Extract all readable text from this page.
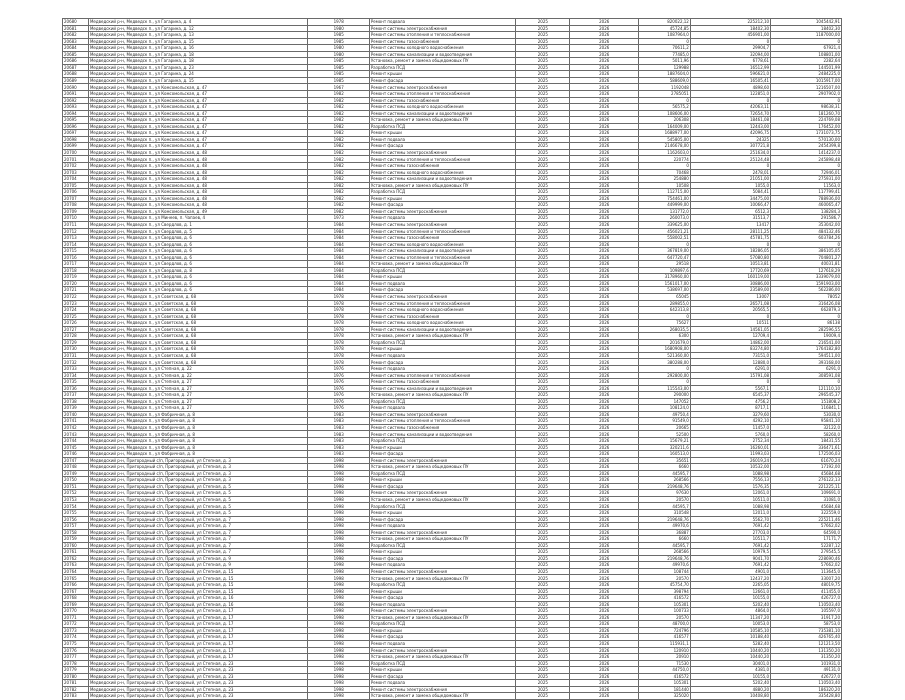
20680	Медведский р-н, Медведск п., ул Гагарина, д. 4	1978	Ремонт подвала	2025	2026	820022,12	225212,10	1045442,91
20681	Медведский р-н, Медведск п., ул Гагарина, д. 12	1980	Ремонт системы электроснабжения	2025	2026	45724,85	18402,30	18402,30
20682	Медведский р-н, Медведск п., ул Гагарина, д. 13	1985	Ремонт системы отопления и теплоснабжения	2025	2026	1087964,0	456901,00	1187000,00
20683	Медведский р-н, Медведск п., ул Гагарина, д. 15	1985	Ремонт системы газоснабжения	2025	2026	0	0	0
20684	Медведский р-н, Медведск п., ул Гагарина, д. 16	1980	Ремонт системы холодного водоснабжения	2025	2026	70611,2	29904,7	67921,4
20685	Медведский р-н, Медведск п., ул Гагарина, д. 18	1980	Ремонт системы канализации и водоотведения	2025	2026	77485,0	32094,00	108801,00
20686	Медведский р-н, Медведск п., ул Гагарина, д. 18	1985	Установка, ремонт и замена общедомовых ПУ	2025	2026	5011,96	6778,61	2282,64
20687	Медведский р-н, Медведск п., ул Гагарина, д. 23	1985	Разработка ПСД	2025	2026	129988	16512,99	144501,99
20688	Медведский р-н, Медведск п., ул Гагарина, д. 24	1985	Ремонт крыши	2025	2026	1887604,0	596621,0	2484225,0
20689	Медведский р-н, Медведск п., ул Гагарина, д. 15	1985	Ремонт фасада	2025	2026	588609,0	16505,41	1015917,00
20690	Медведский р-н, Медведск п., ул Комсомольская, д. 47	1967	Ремонт системы электроснабжения	2025	2026	1192048	4898,60	1216507,00
20691	Медведский р-н, Медведск п., ул Комсомольская, д. 47	1982	Ремонт системы отопления и теплоснабжения	2025	2026	2785051	122851,0	2907902,0
20692	Медведский р-н, Медведск п., ул Комсомольская, д. 47	1982	Ремонт системы газоснабжения	2025	2026	0	0	0
20693	Медведский р-н, Медведск п., ул Комсомольская, д. 47	1982	Ремонт системы холодного водоснабжения	2025	2026	56575,2	42063,11	98638,31
20694	Медведский р-н, Медведск п., ул Комсомольская, д. 47	1982	Ремонт системы канализации и водоотведения	2025	2026	108606,00	72654,70	181260,70
20695	Медведский р-н, Медведск п., ул Комсомольская, д. 47	1982	Установка, ремонт и замена общедомовых ПУ	2025	2026	206308	18461,08	224769,08
20696	Медведский р-н, Медведск п., ул Комсомольская, д. 47	1982	Разработка ПСД	2025	2026	164009,00	12443,00	176452,00
20697	Медведский р-н, Медведск п., ул Комсомольская, д. 47	1982	Ремонт крыши	2025	2026	1688977,00	42096,75	1731073,75
20698	Медведский р-н, Медведск п., ул Комсомольская, д. 47	1982	Ремонт подвала	2025	2026	545805,00	24325	570130,00
20699	Медведский р-н, Медведск п., ул Комсомольская, д. 47	1982	Ремонт фасада	2025	2026	2146678,00	307721,8	2454399,8
20700	Медведский р-н, Медведск п., ул Комсомольская, д. 48	1982	Ремонт системы электроснабжения	2025	2026	1162603,0	251634,0	1414237,0
20701	Медведский р-н, Медведск п., ул Комсомольская, д. 48	1982	Ремонт системы отопления и теплоснабжения	2025	2026	220774	25124,48	245898,48
20702	Медведский р-н, Медведск п., ул Комсомольская, д. 48	1982	Ремонт системы газоснабжения	2025	2026	0	0	0
20703	Медведский р-н, Медведск п., ул Комсомольская, д. 48	1982	Ремонт системы холодного водоснабжения	2025	2026	70468	2478,01	72946,01
20704	Медведский р-н, Медведск п., ул Комсомольская, д. 48	1982	Ремонт системы канализации и водоотведения	2025	2026	254880	21051,00	275931,00
20705	Медведский р-н, Медведск п., ул Комсомольская, д. 48	1982	Установка, ремонт и замена общедомовых ПУ	2025	2026	10508	1055,0	11563,0
20706	Медведский р-н, Медведск п., ул Комсомольская, д. 48	1982	Разработка ПСД	2025	2026	112715,00	5084,41	117799,41
20707	Медведский р-н, Медведск п., ул Комсомольская, д. 48	1982	Ремонт крыши	2025	2026	754461,00	34475,00	788936,00
20708	Медведский р-н, Медведск п., ул Комсомольская, д. 48	1982	Ремонт фасада	2025	2026	449999,00	10066,47	460065,47
20709	Медведский р-н, Медведск п., ул Комсомольская, д. 49	1982	Ремонт системы электроснабжения	2025	2026	131772,0	6512,3	138284,3
20710	Медведский р-н, Медведск п., ул Минеев, п. Чапаев, 4	1973	Ремонт подвала	2025	2026	260073,0	31513,7	291586,7
20711	Медведский р-н, Медведск п., ул Свердлов, д. 1	1984	Ремонт системы электроснабжения	2025	2026	339625,00	13417	353042,00
20712	Медведский р-н, Медведск п., ул Свердлов, д. 5	1984	Ремонт системы отопления и теплоснабжения	2025	2026	456021,21	28111,25	484132,46
20713	Медведский р-н, Медведск п., ул Свердлов, д. 6	1984	Ремонт системы газоснабжения	2025	2026	558002,51	45781,75	603784,26
20714	Медведский р-н, Медведск п., ул Свердлов, д. 6	1984	Ремонт системы холодного водоснабжения	2025	2026	0	0	0
20715	Медведский р-н, Медведск п., ул Свердлов, д. 6	1984	Ремонт системы канализации и водоотведения	2025	2026	367819,00	18286,05	386105,05
20716	Медведский р-н, Медведск п., ул Свердлов, д. 6	1984	Ремонт системы отопления и теплоснабжения	2025	2026	647720,47	57080,80	704801,27
20717	Медведский р-н, Медведск п., ул Свердлов, д. 6	1984	Установка, ремонт и замена общедомовых ПУ	2025	2026	29518	10513,81	40031,81
20718	Медведский р-н, Медведск п., ул Свердлов, д. 8	1984	Разработка ПСД	2025	2026	109897,6	17720,69	127618,29
20719	Медведский р-н, Медведск п., ул Свердлов, д. 6	1984	Ремонт крыши	2025	2026	3178960,00	160119,00	3339079,00
20720	Медведский р-н, Медведск п., ул Свердлов, д. 6	1984	Ремонт подвала	2025	2026	1561017,00	30886,00	1591903,00
20721	Медведский р-н, Медведск п., ул Свердлов, д. 6	1984	Ремонт фасада	2025	2026	538697,00	23589,00	562286,00
20722	Медведский р-н, Медведск п., ул Советская, д. 68	1978	Ремонт системы электроснабжения	2025	2026	65045	13007	78052
20723	Медведский р-н, Медведск п., ул Советская, д. 68	1978	Ремонт системы отопления и теплоснабжения	2025	2026	289855,0	26571,08	316426,08
20724	Медведский р-н, Медведск п., ул Советская, д. 68	1978	Ремонт системы холодного водоснабжения	2025	2026	642313,8	20565,5	662879,3
20725	Медведский р-н, Медведск п., ул Советская, д. 68	1978	Ремонт системы газоснабжения	2025	2026	0	0	0
20726	Медведский р-н, Медведск п., ул Советская, д. 68	1978	Ремонт системы холодного водоснабжения	2025	2026	75627	10511	86138
20727	Медведский р-н, Медведск п., ул Советская, д. 68	1978	Ремонт системы канализации и водоотведения	2025	2026	268035,5	14561,05	282596,55
20728	Медведский р-н, Медведск п., ул Советская, д. 68	1978	Установка, ремонт и замена общедомовых ПУ	2025	2026	6300	12709,4	19009,4
20729	Медведский р-н, Медведск п., ул Советская, д. 68	1978	Разработка ПСД	2025	2026	201679,0	14862,00	216541,00
20730	Медведский р-н, Медведск п., ул Советская, д. 68	1978	Ремонт крыши	2025	2026	1680908,00	83274,80	1764182,80
20731	Медведский р-н, Медведск п., ул Советская, д. 68	1978	Ремонт подвала	2025	2026	521360,00	73151,0	594511,00
20732	Медведский р-н, Медведск п., ул Советская, д. 68	1978	Ремонт фасада	2025	2026	380288,00	12880,0	393168,00
20733	Медведский р-н, Медведск п., ул Степная, д. 22	1976	Ремонт подвала	2025	2026	0	6291,0	6291,0
20734	Медведский р-н, Медведск п., ул Степная, д. 22	1976	Ремонт системы отопления и теплоснабжения	2025	2026	292800,00	15791,08	308591,08
20735	Медведский р-н, Медведск п., ул Степная, д. 27	1976	Ремонт системы газоснабжения	2025	2026	0	0	0
20736	Медведский р-н, Медведск п., ул Степная, д. 27	1976	Ремонт системы канализации и водоотведения	2025	2026	115543,00	5567,1	121110,10
20737	Медведский р-н, Медведск п., ул Степная, д. 27	1976	Установка, ремонт и замена общедомовых ПУ	2025	2026	290000	6545,37	296545,37
20738	Медведский р-н, Медведск п., ул Степная, д. 27	1976	Разработка ПСД	2025	2026	147052	4756,2	151808,2
20739	Медведский р-н, Медведск п., ул Степная, д. 27	1976	Ремонт подвала	2025	2026	108124,0	8717,1	116841,1
20740	Медведский р-н, Медведск п., ул Фабричная, д. 8	1983	Ремонт системы электроснабжения	2025	2026	49750,4	3279,60	53030,0
20741	Медведский р-н, Медведск п., ул Фабричная, д. 8	1983	Ремонт системы отопления и теплоснабжения	2025	2026	91549,0	4292,10	95841,10
20742	Медведский р-н, Медведск п., ул Фабричная, д. 8	1983	Ремонт системы газоснабжения	2025	2026	20665	11457,0	32122,0
20743	Медведский р-н, Медведск п., ул Фабричная, д. 8	1983	Ремонт системы канализации и водоотведения	2025	2026	52500	5760,0	58260,0
20744	Медведский р-н, Медведск п., ул Фабричная, д. 8	1983	Разработка ПСД	2025	2026	15679,21	2752,34	18431,55
20745	Медведский р-н, Медведск п., ул Фабричная, д. 8	1983	Ремонт крыши	2025	2026	320211,6	16260,01	336471,61
20746	Медведский р-н, Медведск п., ул Фабричная, д. 8	1983	Ремонт фасада	2025	2026	160513,0	11993,03	172506,03
20747	Медведский р-н, Пригородный с/п, Пригородный, ул Степная, д. 3	1998	Ремонт системы электроснабжения	2025	2026	35651	26019,24	61670,24
20748	Медведский р-н, Пригородный с/п, Пригородный, ул Степная, д. 3	1998	Установка, ремонт и замена общедомовых ПУ	2025	2026	6660	10532,00	17192,00
20749	Медведский р-н, Пригородный с/п, Пригородный, ул Степная, д. 3	1998	Разработка ПСД	2025	2026	44595,7	1088,98	45684,68
20750	Медведский р-н, Пригородный с/п, Пригородный, ул Степная, д. 3	1998	Ремонт крыши	2025	2026	268566	7556,13	276122,13
20751	Медведский р-н, Пригородный с/п, Пригородный, ул Степная, д. 5	1998	Ремонт фасада	2025	2026	219648,76	1576,35	221225,11
20752	Медведский р-н, Пригородный с/п, Пригородный, ул Степная, д. 5	1998	Ремонт системы электроснабжения	2025	2026	97630	12061,0	109691,0
20753	Медведский р-н, Пригородный с/п, Пригородный, ул Степная, д. 5	1998	Установка, ремонт и замена общедомовых ПУ	2025	2026	20570	10511,0	31081,0
20754	Медведский р-н, Пригородный с/п, Пригородный, ул Степная, д. 5	1998	Разработка ПСД	2025	2026	44595,7	1088,98	45684,68
20755	Медведский р-н, Пригородный с/п, Пригородный, ул Степная, д. 5	1998	Ремонт крыши	2025	2026	310548	12011,0	322559,0
20756	Медведский р-н, Пригородный с/п, Пригородный, ул Степная, д. 7	1998	Ремонт фасада	2025	2026	219648,76	5562,70	225211,46
20757	Медведский р-н, Пригородный с/п, Пригородный, ул Степная, д. 7	1998	Ремонт подвала	2025	2026	49970,6	7691,42	57662,02
20758	Медведский р-н, Пригородный с/п, Пригородный, ул Степная, д. 7	1998	Ремонт системы электроснабжения	2025	2026	36887	27703,0	64590,0
20759	Медведский р-н, Пригородный с/п, Пригородный, ул Степная, д. 7	1998	Установка, ремонт и замена общедомовых ПУ	2025	2026	6660	10511,7	17171,7
20760	Медведский р-н, Пригородный с/п, Пригородный, ул Степная, д. 7	1998	Разработка ПСД	2025	2026	44595,7	7691,42	52287,12
20761	Медведский р-н, Пригородный с/п, Пригородный, ул Степная, д. 7	1998	Ремонт крыши	2025	2026	268566	10979,5	279545,5
20762	Медведский р-н, Пригородный с/п, Пригородный, ул Степная, д. 9	1998	Ремонт фасада	2025	2026	219648,76	9041,70	228690,46
20763	Медведский р-н, Пригородный с/п, Пригородный, ул Степная, д. 9	1998	Ремонт подвала	2025	2026	49970,6	7691,42	57662,02
20764	Медведский р-н, Пригородный с/п, Пригородный, ул Степная, д. 15	1998	Ремонт системы электроснабжения	2025	2026	108744	4901,0	113645,0
20765	Медведский р-н, Пригородный с/п, Пригородный, ул Степная, д. 15	1998	Установка, ремонт и замена общедомовых ПУ	2025	2026	20570	12437,20	33007,20
20766	Медведский р-н, Пригородный с/п, Пригородный, ул Степная, д. 15	1998	Разработка ПСД	2025	2026	45754,70	2265,05	48019,75
20767	Медведский р-н, Пригородный с/п, Пригородный, ул Степная, д. 15	1998	Ремонт крыши	2025	2026	398794	12661,0	411455,0
20768	Медведский р-н, Пригородный с/п, Пригородный, ул Степная, д. 16	1998	Ремонт фасада	2025	2026	416572	10155,0	426727,0
20769	Медведский р-н, Пригородный с/п, Пригородный, ул Степная, д. 16	1998	Ремонт подвала	2025	2026	105301	5202,40	110503,40
20770	Медведский р-н, Пригородный с/п, Пригородный, ул Степная, д. 17	1998	Ремонт системы электроснабжения	2025	2026	100733	4864,0	105597,0
20771	Медведский р-н, Пригородный с/п, Пригородный, ул Степная, д. 17	1998	Установка, ремонт и замена общедомовых ПУ	2025	2026	20570	11347,20	31917,20
20772	Медведский р-н, Пригородный с/п, Пригородный, ул Степная, д. 17	1998	Разработка ПСД	2025	2026	48700,0	10053,0	58753,0
20773	Медведский р-н, Пригородный с/п, Пригородный, ул Степная, д. 17	1998	Ремонт крыши	2025	2026	724796	10585,10	735381,10
20774	Медведский р-н, Пригородный с/п, Пригородный, ул Степная, д. 17	1998	Ремонт фасада	2025	2026	416577	10188,40	426765,40
20775	Медведский р-н, Пригородный с/п, Пригородный, ул Степная, д. 17	1998	Ремонт подвала	2025	2026	115931,1	5282,40	121213,50
20776	Медведский р-н, Пригородный с/п, Пригородный, ул Степная, д. 17	1998	Ремонт системы электроснабжения	2025	2026	120910	10440,20	131350,20
20777	Медведский р-н, Пригородный с/п, Пригородный, ул Степная, д. 17	1998	Установка, ремонт и замена общедомовых ПУ	2025	2026	20910	10440,20	31350,20
20778	Медведский р-н, Пригородный с/п, Пригородный, ул Степная, д. 23	1998	Разработка ПСД	2025	2026	71530	30401,0	101931,0
20779	Медведский р-н, Пригородный с/п, Пригородный, ул Степная, д. 23	1998	Ремонт крыши	2025	2026	44750,0	4381,0	49131,0
20780	Медведский р-н, Пригородный с/п, Пригородный, ул Степная, д. 23	1998	Ремонт фасада	2025	2026	416572	10155,0	426727,0
20781	Медведский р-н, Пригородный с/п, Пригородный, ул Степная, д. 23	1998	Ремонт подвала	2025	2026	105301	5202,40	110503,40
20782	Медведский р-н, Пригородный с/п, Пригородный, ул Степная, д. 23	1998	Ремонт системы электроснабжения	2025	2026	181440	4880,20	186320,20
20783	Медведский р-н, Пригородный с/п, Пригородный, ул Степная, д. 23	1998	Установка, ремонт и замена общедомовых ПУ	2025	2026	325020	10408,80	335428,80
